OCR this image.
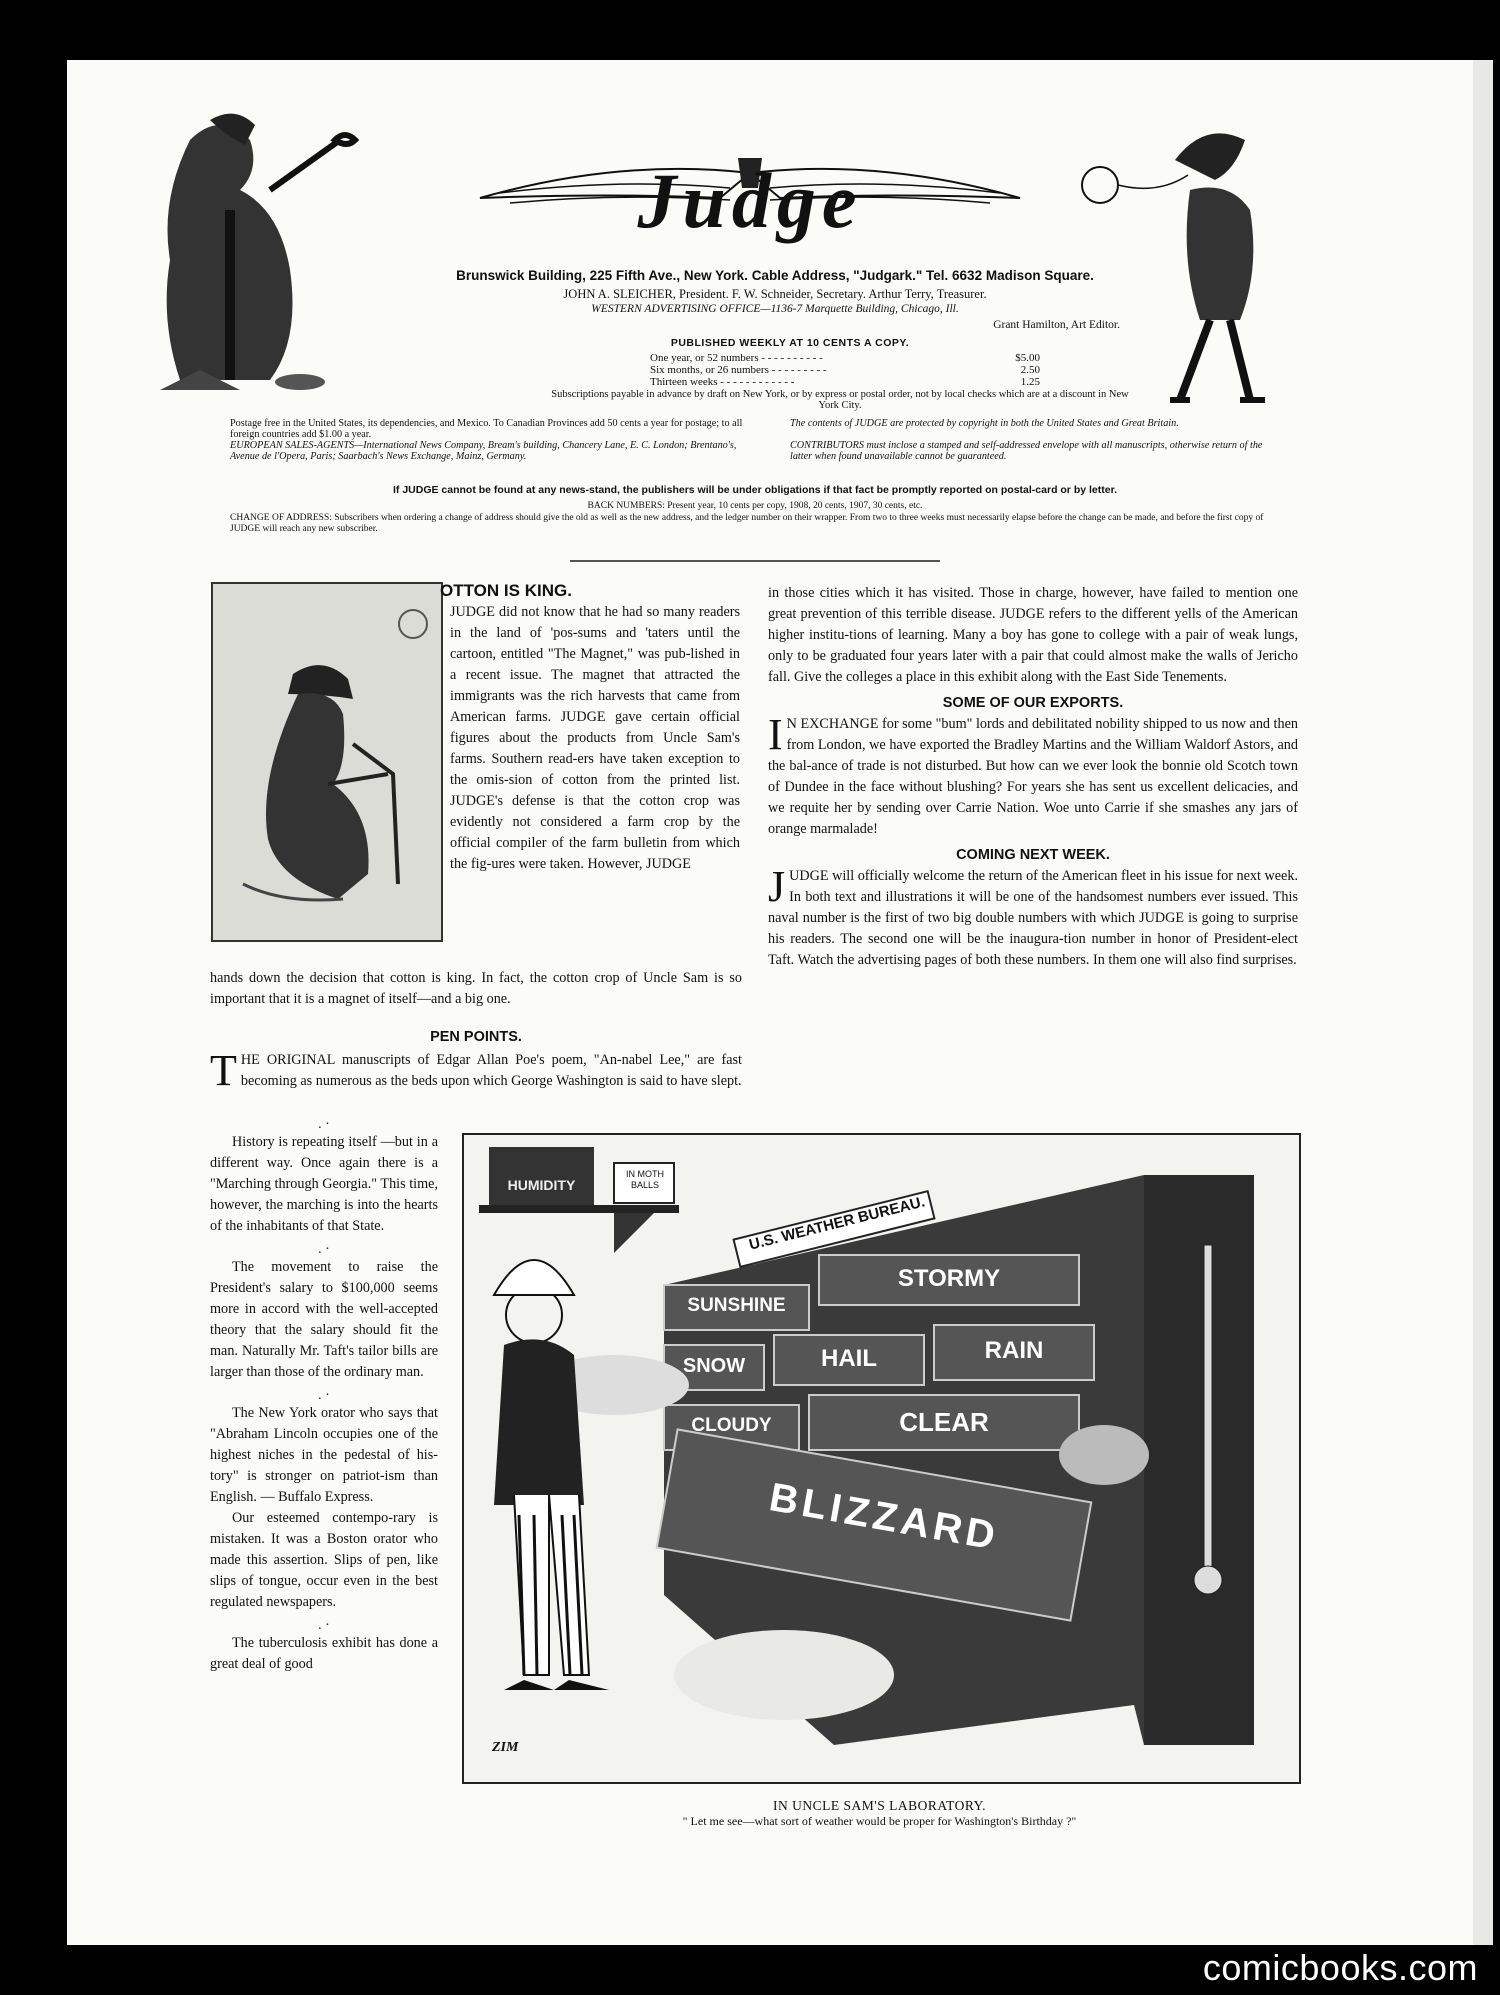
Judge
Brunswick Building, 225 Fifth Ave., New York. Cable Address, "Judgark." Tel. 6632 Madison Square.
JOHN A. SLEICHER, President. F. W. Schneider, Secretary. Arthur Terry, Treasurer.
WESTERN ADVERTISING OFFICE—1136-7 Marquette Building, Chicago, Ill.
Grant Hamilton, Art Editor.
PUBLISHED WEEKLY AT 10 CENTS A COPY.
One year, or 52 numbers - - - - - - - - - -	$5.00
Six months, or 26 numbers - - - - - - - - -	2.50
Thirteen weeks - - - - - - - - - - - -	1.25
Subscriptions payable in advance by draft on New York, or by express or postal order, not by local checks which are at a discount in New York City.
Postage free in the United States, its dependencies, and Mexico. To Canadian Provinces add 50 cents a year for postage; to all foreign countries add $1.00 a year.
EUROPEAN SALES-AGENTS—International News Company, Bream's building, Chancery Lane, E. C. London; Brentano's, Avenue de l'Opera, Paris; Saarbach's News Exchange, Mainz, Germany.
The contents of JUDGE are protected by copyright in both the United States and Great Britain.
CONTRIBUTORS must inclose a stamped and self-addressed envelope with all manuscripts, otherwise return of the latter when found unavailable cannot be guaranteed.
If JUDGE cannot be found at any news-stand, the publishers will be under obligations if that fact be promptly reported on postal-card or by letter.
BACK NUMBERS: Present year, 10 cents per copy, 1908, 20 cents, 1907, 30 cents, etc.
CHANGE OF ADDRESS: Subscribers when ordering a change of address should give the old as well as the new address, and the ledger number on their wrapper. From two to three weeks must necessarily elapse before the change can be made, and before the first copy of JUDGE will reach any new subscriber.
OTTON IS KING.
JUDGE did not know that he had so many readers in the land of 'pos-sums and 'taters until the cartoon, entitled "The Magnet," was pub-lished in a recent issue. The magnet that attracted the immigrants was the rich harvests that came from American farms. JUDGE gave certain official figures about the products from Uncle Sam's farms. Southern read-ers have taken exception to the omis-sion of cotton from the printed list. JUDGE's defense is that the cotton crop was evidently not considered a farm crop by the official compiler of the farm bulletin from which the fig-ures were taken. However, JUDGE
hands down the decision that cotton is king. In fact, the cotton crop of Uncle Sam is so important that it is a magnet of itself—and a big one.
PEN POINTS.
T HE ORIGINAL manuscripts of Edgar Allan Poe's poem, "An-nabel Lee," are fast becoming as numerous as the beds upon which George Washington is said to have slept.
. ·
History is repeating itself —but in a different way. Once again there is a "Marching through Georgia." This time, however, the marching is into the hearts of the inhabitants of that State.
. ·
The movement to raise the President's salary to $100,000 seems more in accord with the well-accepted theory that the salary should fit the man. Naturally Mr. Taft's tailor bills are larger than those of the ordinary man.
. ·
The New York orator who says that "Abraham Lincoln occupies one of the highest niches in the pedestal of his-tory" is stronger on patriot-ism than English. — Buffalo Express.
Our esteemed contempo-rary is mistaken. It was a Boston orator who made this assertion. Slips of pen, like slips of tongue, occur even in the best regulated newspapers.
. ·
The tuberculosis exhibit has done a great deal of good
in those cities which it has visited. Those in charge, however, have failed to mention one great prevention of this terrible disease. JUDGE refers to the different yells of the American higher institu-tions of learning. Many a boy has gone to college with a pair of weak lungs, only to be graduated four years later with a pair that could almost make the walls of Jericho fall. Give the colleges a place in this exhibit along with the East Side Tenements.
SOME OF OUR EXPORTS.
I N EXCHANGE for some "bum" lords and debilitated nobility shipped to us now and then from London, we have exported the Bradley Martins and the William Waldorf Astors, and the bal-ance of trade is not disturbed. But how can we ever look the bonnie old Scotch town of Dundee in the face without blushing? For years she has sent us excellent delicacies, and we requite her by sending over Carrie Nation. Woe unto Carrie if she smashes any jars of orange marmalade!
COMING NEXT WEEK.
J UDGE will officially welcome the return of the American fleet in his issue for next week. In both text and illustrations it will be one of the handsomest numbers ever issued. This naval number is the first of two big double numbers with which JUDGE is going to surprise his readers. The second one will be the inaugura-tion number in honor of President-elect Taft. Watch the advertising pages of both these numbers. In them one will also find surprises.
HUMIDITY
IN MOTH BALLS
U.S. WEATHER BUREAU.
SUNSHINE
STORMY
SNOW	HAIL	RAIN
CLOUDY	CLEAR
BLIZZARD
ZIM
IN UNCLE SAM'S LABORATORY.
" Let me see—what sort of weather would be proper for Washington's Birthday ?"
comicbooks.com
